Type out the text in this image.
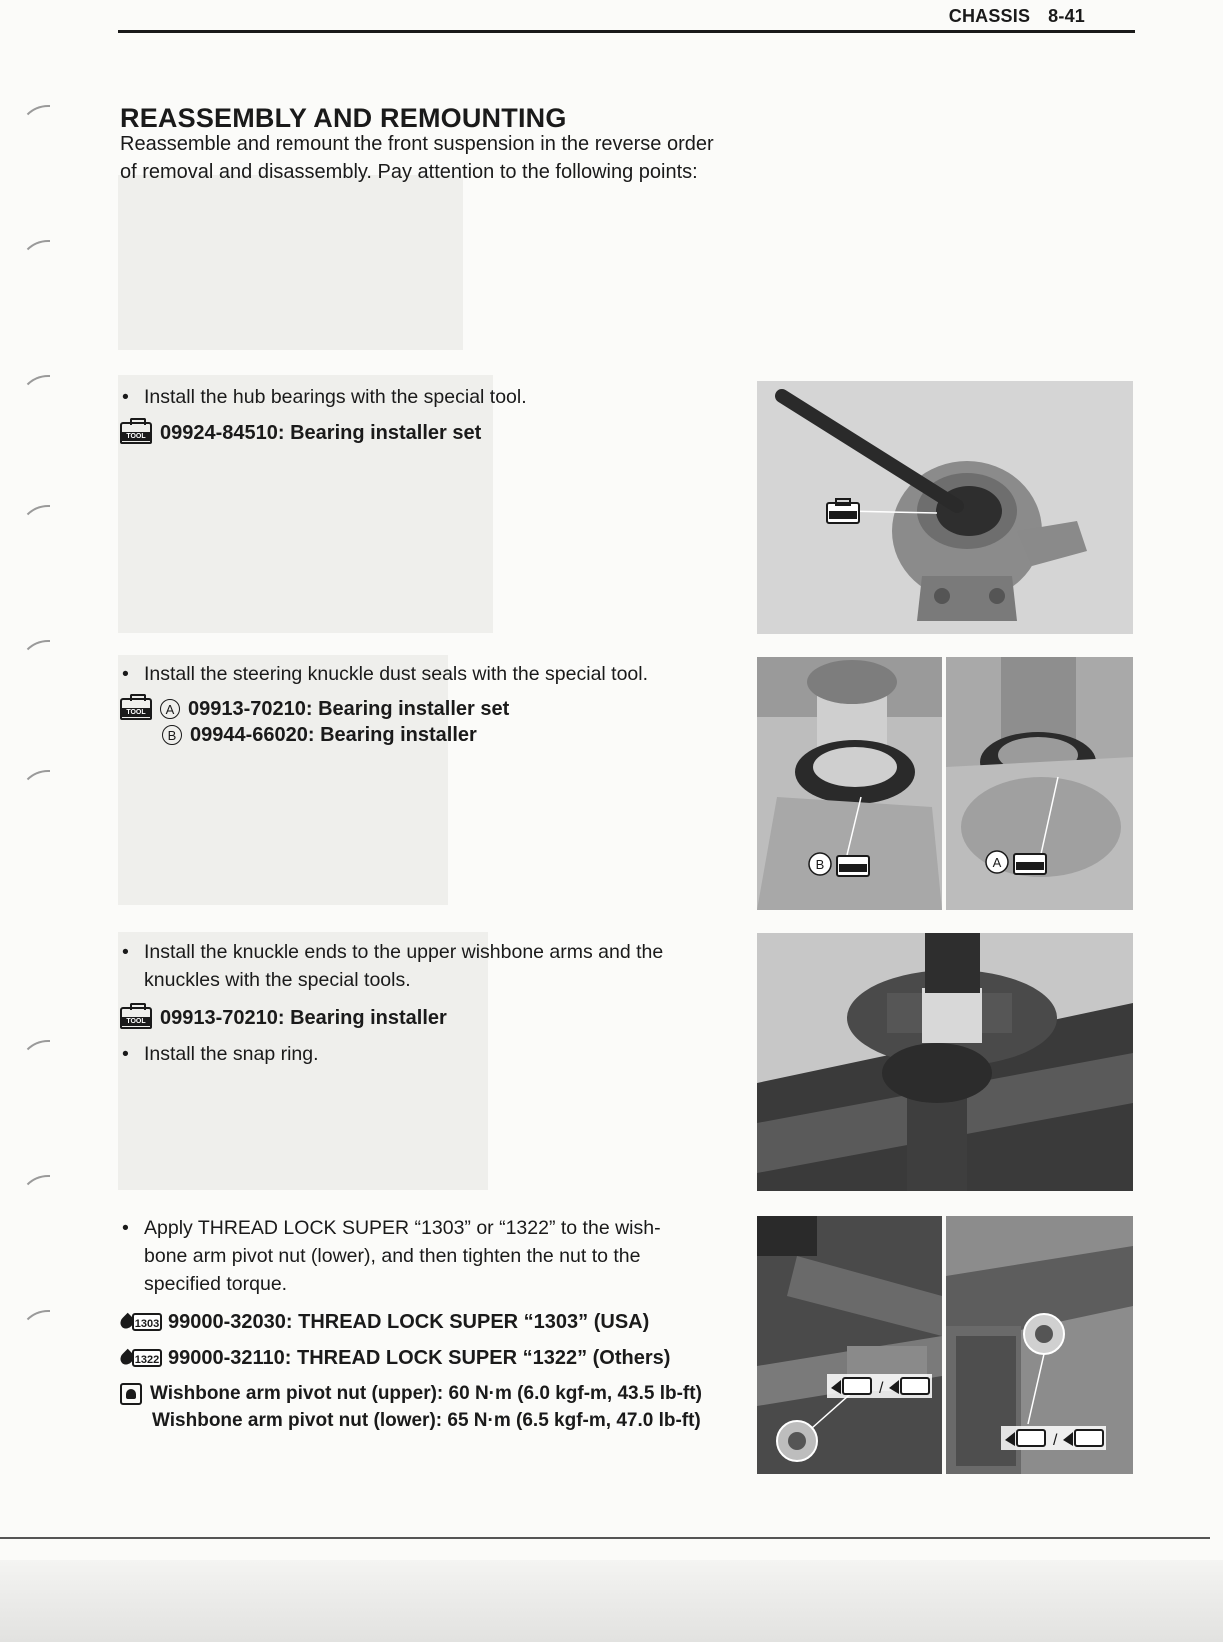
CHASSIS 8-41
REASSEMBLY AND REMOUNTING
Reassemble and remount the front suspension in the reverse order of removal and disassembly. Pay attention to the following points:
• Install the hub bearings with the special tool.
TOOL
09924-84510: Bearing installer set
• Install the steering knuckle dust seals with the special tool.
TOOL
A 09913-70210: Bearing installer set
B 09944-66020: Bearing installer
B	A
• Install the knuckle ends to the upper wishbone arms and the
knuckles with the special tools.
TOOL
09913-70210: Bearing installer
• Install the snap ring.
• Apply THREAD LOCK SUPER “1303” or “1322” to the wish-
bone arm pivot nut (lower), and then tighten the nut to the
specified torque.
1303 99000-32030: THREAD LOCK SUPER “1303” (USA)
1322 99000-32110: THREAD LOCK SUPER “1322” (Others)
Wishbone arm pivot nut (upper): 60 N·m (6.0 kgf-m, 43.5 lb-ft)
Wishbone arm pivot nut (lower): 65 N·m (6.5 kgf-m, 47.0 lb-ft)
/
/
